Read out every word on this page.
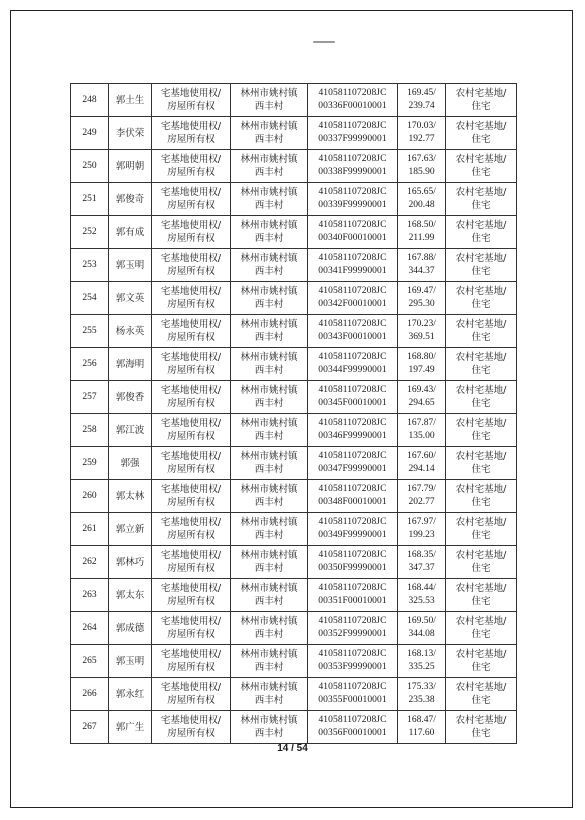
248	郭土生	宅基地使用权/
房屋所有权	林州市姚村镇
西丰村	410581107208JC
00336F00010001	169.45/
239.74	农村宅基地/
住宅

249	李伏荣	宅基地使用权/
房屋所有权	林州市姚村镇
西丰村	410581107208JC
00337F99990001	170.03/
192.77	农村宅基地/
住宅

250	郭明朝	宅基地使用权/
房屋所有权	林州市姚村镇
西丰村	410581107208JC
00338F99990001	167.63/
185.90	农村宅基地/
住宅

251	郭俊奇	宅基地使用权/
房屋所有权	林州市姚村镇
西丰村	410581107208JC
00339F99990001	165.65/
200.48	农村宅基地/
住宅

252	郭有成	宅基地使用权/
房屋所有权	林州市姚村镇
西丰村	410581107208JC
00340F00010001	168.50/
211.99	农村宅基地/
住宅

253	郭玉明	宅基地使用权/
房屋所有权	林州市姚村镇
西丰村	410581107208JC
00341F99990001	167.88/
344.37	农村宅基地/
住宅

254	郭文英	宅基地使用权/
房屋所有权	林州市姚村镇
西丰村	410581107208JC
00342F00010001	169.47/
295.30	农村宅基地/
住宅

255	杨永英	宅基地使用权/
房屋所有权	林州市姚村镇
西丰村	410581107208JC
00343F00010001	170.23/
369.51	农村宅基地/
住宅

256	郭海明	宅基地使用权/
房屋所有权	林州市姚村镇
西丰村	410581107208JC
00344F99990001	168.80/
197.49	农村宅基地/
住宅

257	郭俊香	宅基地使用权/
房屋所有权	林州市姚村镇
西丰村	410581107208JC
00345F00010001	169.43/
294.65	农村宅基地/
住宅

258	郭江波	宅基地使用权/
房屋所有权	林州市姚村镇
西丰村	410581107208JC
00346F99990001	167.87/
135.00	农村宅基地/
住宅

259	郭强	宅基地使用权/
房屋所有权	林州市姚村镇
西丰村	410581107208JC
00347F99990001	167.60/
294.14	农村宅基地/
住宅

260	郭太林	宅基地使用权/
房屋所有权	林州市姚村镇
西丰村	410581107208JC
00348F00010001	167.79/
202.77	农村宅基地/
住宅

261	郭立新	宅基地使用权/
房屋所有权	林州市姚村镇
西丰村	410581107208JC
00349F99990001	167.97/
199.23	农村宅基地/
住宅

262	郭林巧	宅基地使用权/
房屋所有权	林州市姚村镇
西丰村	410581107208JC
00350F99990001	168.35/
347.37	农村宅基地/
住宅

263	郭太东	宅基地使用权/
房屋所有权	林州市姚村镇
西丰村	410581107208JC
00351F00010001	168.44/
325.53	农村宅基地/
住宅

264	郭成德	宅基地使用权/
房屋所有权	林州市姚村镇
西丰村	410581107208JC
00352F99990001	169.50/
344.08	农村宅基地/
住宅

265	郭玉明	宅基地使用权/
房屋所有权	林州市姚村镇
西丰村	410581107208JC
00353F99990001	168.13/
335.25	农村宅基地/
住宅

266	郭永红	宅基地使用权/
房屋所有权	林州市姚村镇
西丰村	410581107208JC
00355F00010001	175.33/
235.38	农村宅基地/
住宅

267	郭广生	宅基地使用权/
房屋所有权	林州市姚村镇
西丰村	410581107208JC
00356F00010001	168.47/
117.60	农村宅基地/
住宅
14 / 54
